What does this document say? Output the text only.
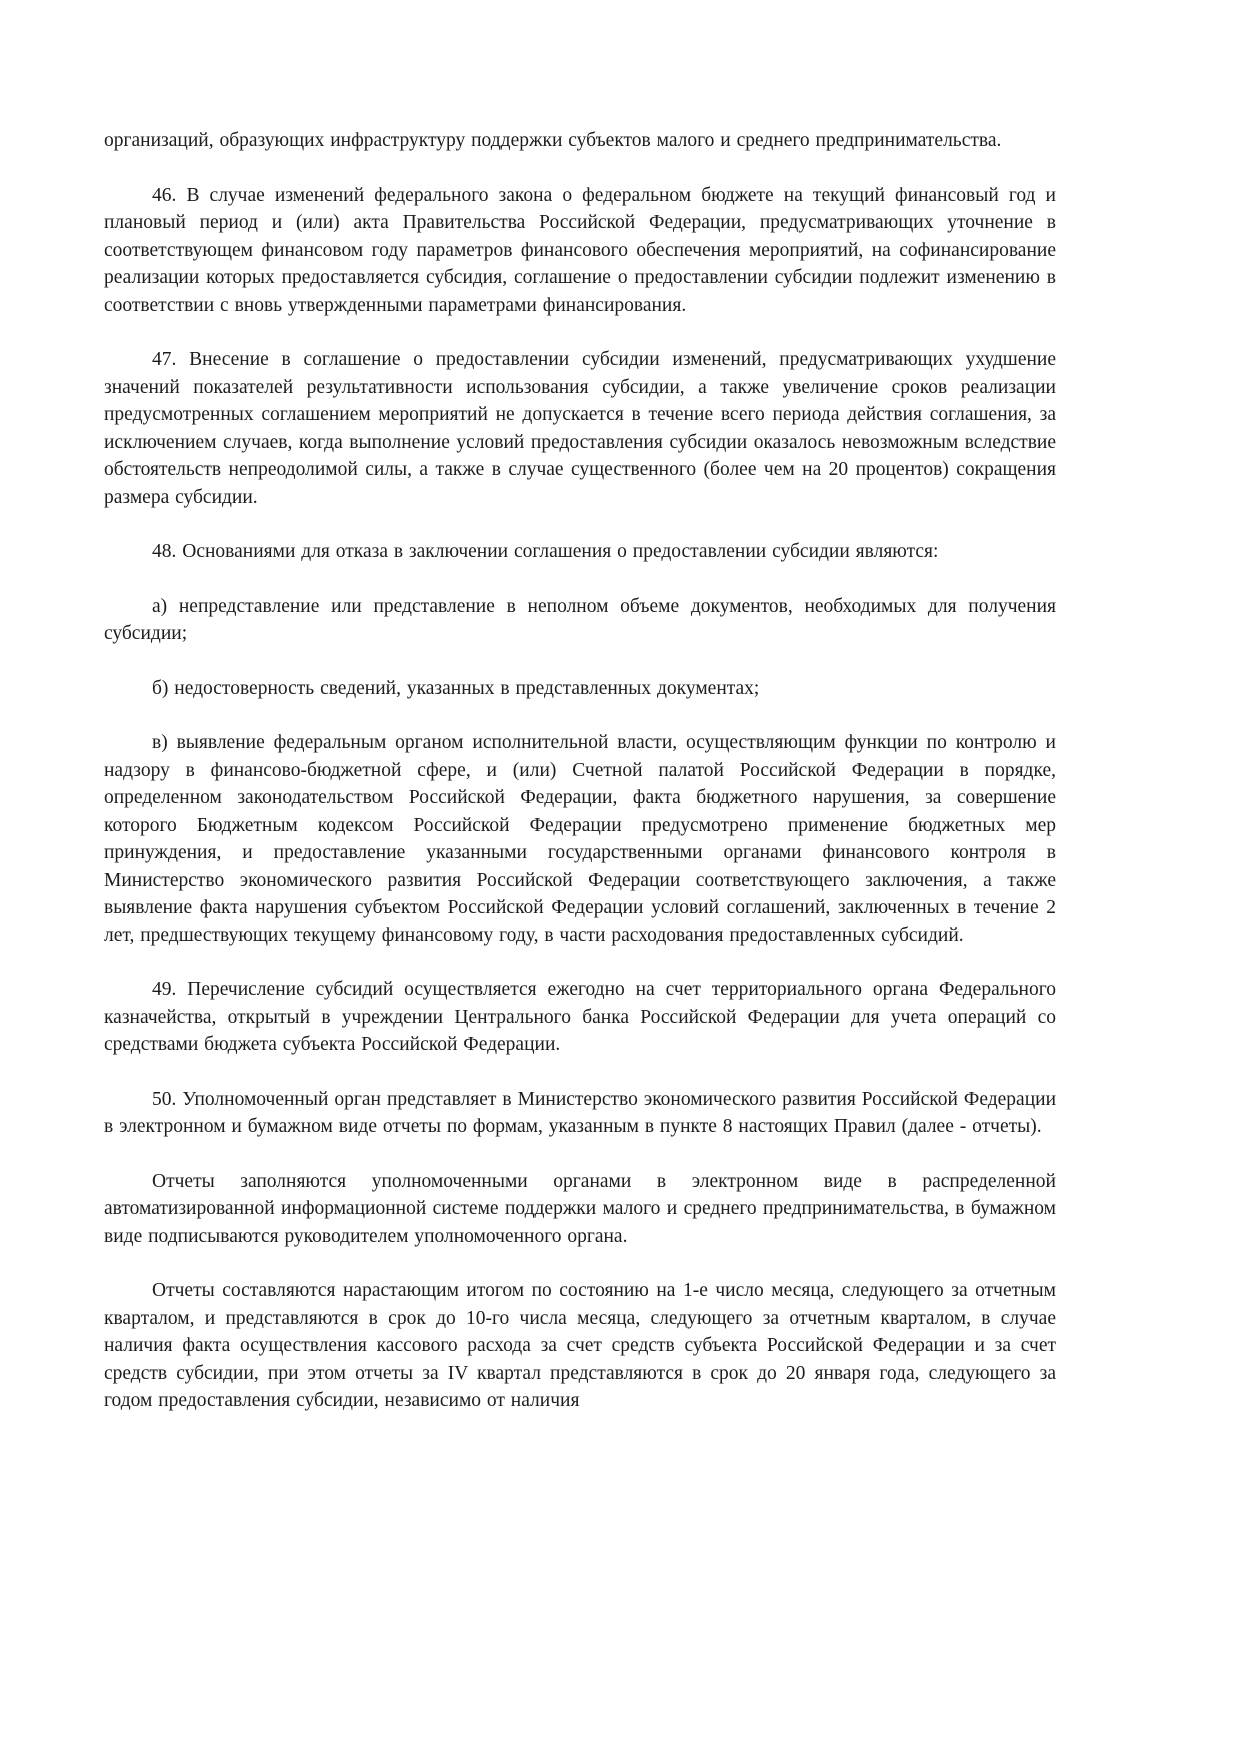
организаций, образующих инфраструктуру поддержки субъектов малого и среднего предпринимательства.

46. В случае изменений федерального закона о федеральном бюджете на текущий финансовый год и плановый период и (или) акта Правительства Российской Федерации, предусматривающих уточнение в соответствующем финансовом году параметров финансового обеспечения мероприятий, на софинансирование реализации которых предоставляется субсидия, соглашение о предоставлении субсидии подлежит изменению в соответствии с вновь утвержденными параметрами финансирования.

47. Внесение в соглашение о предоставлении субсидии изменений, предусматривающих ухудшение значений показателей результативности использования субсидии, а также увеличение сроков реализации предусмотренных соглашением мероприятий не допускается в течение всего периода действия соглашения, за исключением случаев, когда выполнение условий предоставления субсидии оказалось невозможным вследствие обстоятельств непреодолимой силы, а также в случае существенного (более чем на 20 процентов) сокращения размера субсидии.

48. Основаниями для отказа в заключении соглашения о предоставлении субсидии являются:

а) непредставление или представление в неполном объеме документов, необходимых для получения субсидии;

б) недостоверность сведений, указанных в представленных документах;

в) выявление федеральным органом исполнительной власти, осуществляющим функции по контролю и надзору в финансово-бюджетной сфере, и (или) Счетной палатой Российской Федерации в порядке, определенном законодательством Российской Федерации, факта бюджетного нарушения, за совершение которого Бюджетным кодексом Российской Федерации предусмотрено применение бюджетных мер принуждения, и предоставление указанными государственными органами финансового контроля в Министерство экономического развития Российской Федерации соответствующего заключения, а также выявление факта нарушения субъектом Российской Федерации условий соглашений, заключенных в течение 2 лет, предшествующих текущему финансовому году, в части расходования предоставленных субсидий.

49. Перечисление субсидий осуществляется ежегодно на счет территориального органа Федерального казначейства, открытый в учреждении Центрального банка Российской Федерации для учета операций со средствами бюджета субъекта Российской Федерации.

50. Уполномоченный орган представляет в Министерство экономического развития Российской Федерации в электронном и бумажном виде отчеты по формам, указанным в пункте 8 настоящих Правил (далее - отчеты).

Отчеты заполняются уполномоченными органами в электронном виде в распределенной автоматизированной информационной системе поддержки малого и среднего предпринимательства, в бумажном виде подписываются руководителем уполномоченного органа.

Отчеты составляются нарастающим итогом по состоянию на 1-е число месяца, следующего за отчетным кварталом, и представляются в срок до 10-го числа месяца, следующего за отчетным кварталом, в случае наличия факта осуществления кассового расхода за счет средств субъекта Российской Федерации и за счет средств субсидии, при этом отчеты за IV квартал представляются в срок до 20 января года, следующего за годом предоставления субсидии, независимо от наличия
